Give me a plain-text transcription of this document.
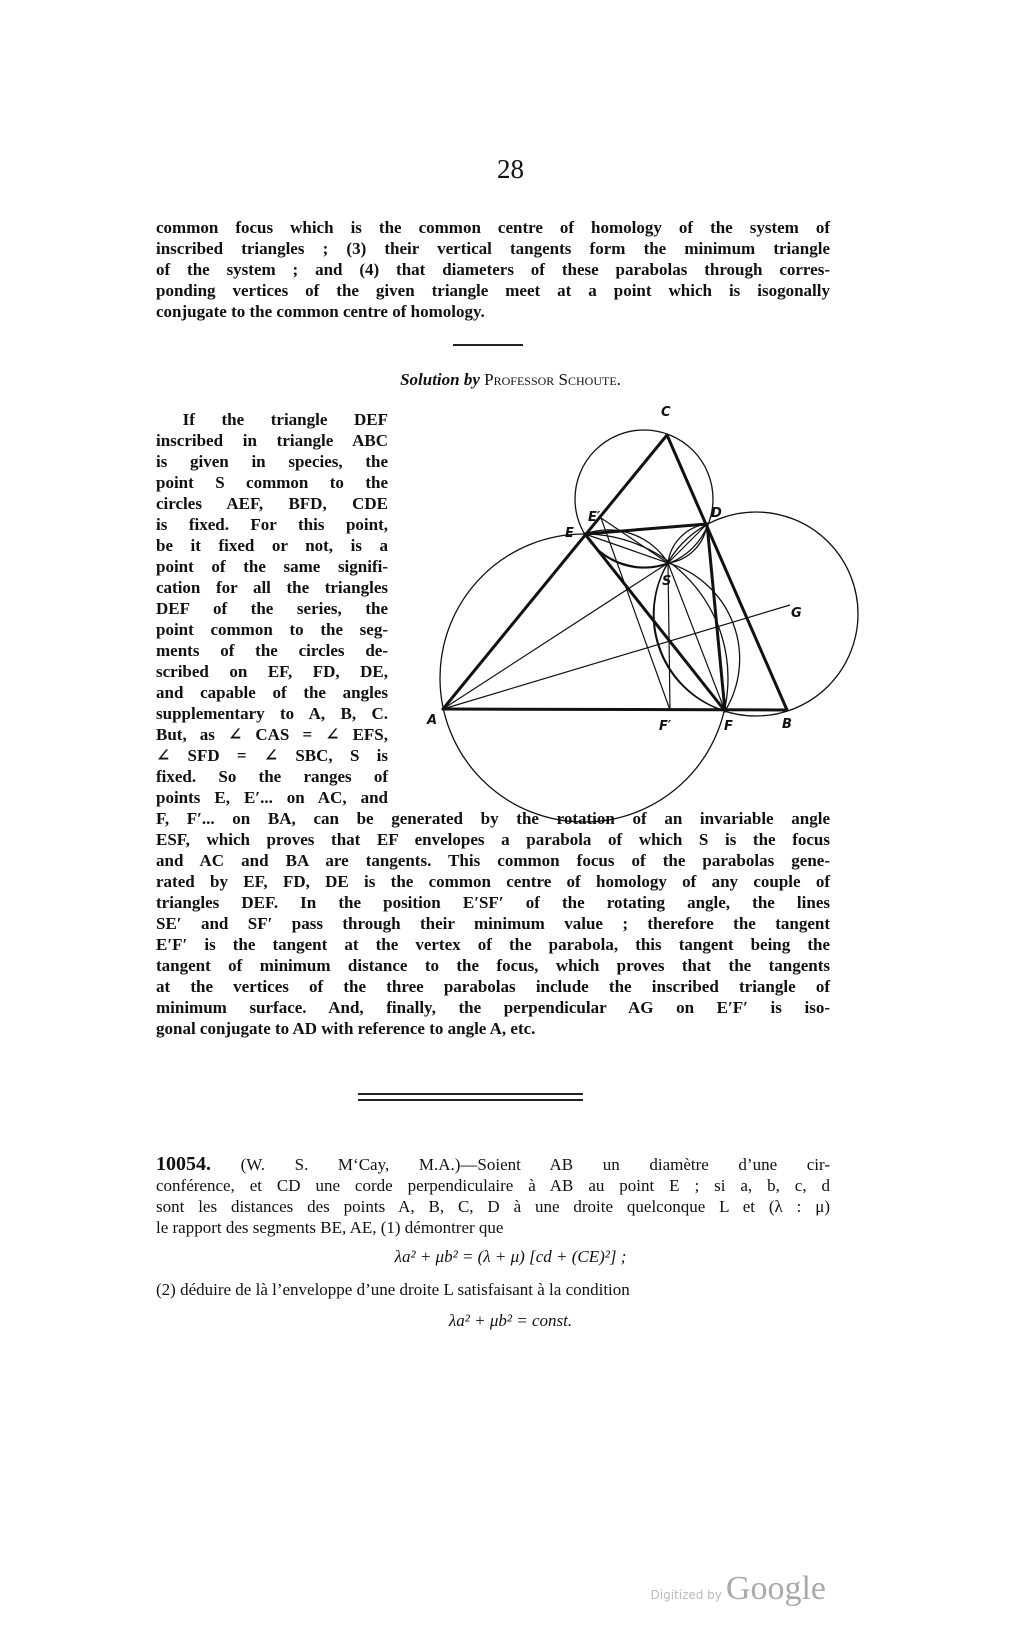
28
common focus which is the common centre of homology of the system of
inscribed triangles ; (3) their vertical tangents form the minimum triangle
of the system ; and (4) that diameters of these parabolas through corres-
ponding vertices of the given triangle meet at a point which is isogonally
conjugate to the common centre of homology.
Solution by Professor Schoute.
If the triangle DEF
inscribed in triangle ABC
is given in species, the
point S common to the
circles AEF, BFD, CDE
is fixed. For this point,
be it fixed or not, is a
point of the same signifi-
cation for all the triangles
DEF of the series, the
point common to the seg-
ments of the circles de-
scribed on EF, FD, DE,
and capable of the angles
supplementary to A, B, C.
But, as ∠ CAS = ∠ EFS,
∠ SFD = ∠ SBC, S is
fixed. So the ranges of
points E, E′... on AC, and
F, F′... on BA, can be generated by the rotation of an invariable angle
ESF, which proves that EF envelopes a parabola of which S is the focus
and AC and BA are tangents. This common focus of the parabolas gene-
rated by EF, FD, DE is the common centre of homology of any couple of
triangles DEF. In the position E′SF′ of the rotating angle, the lines
SE′ and SF′ pass through their minimum value ; therefore the tangent
E′F′ is the tangent at the vertex of the parabola, this tangent being the
tangent of minimum distance to the focus, which proves that the tangents
at the vertices of the three parabolas include the inscribed triangle of
minimum surface. And, finally, the perpendicular AG on E′F′ is iso-
gonal conjugate to AD with reference to angle A, etc.
C
A	B
D
E
E′
F
F′
G
S
10054. (W. S. M‘Cay, M.A.)—Soient AB un diamètre d’une cir-
conférence, et CD une corde perpendiculaire à AB au point E ; si a, b, c, d
sont les distances des points A, B, C, D à une droite quelconque L et (λ : μ)
le rapport des segments BE, AE, (1) démontrer que
λa² + μb² = (λ + μ) [cd + (CE)²] ;
(2) déduire de là l’enveloppe d’une droite L satisfaisant à la condition
λa² + μb² = const.
Digitized by Google
